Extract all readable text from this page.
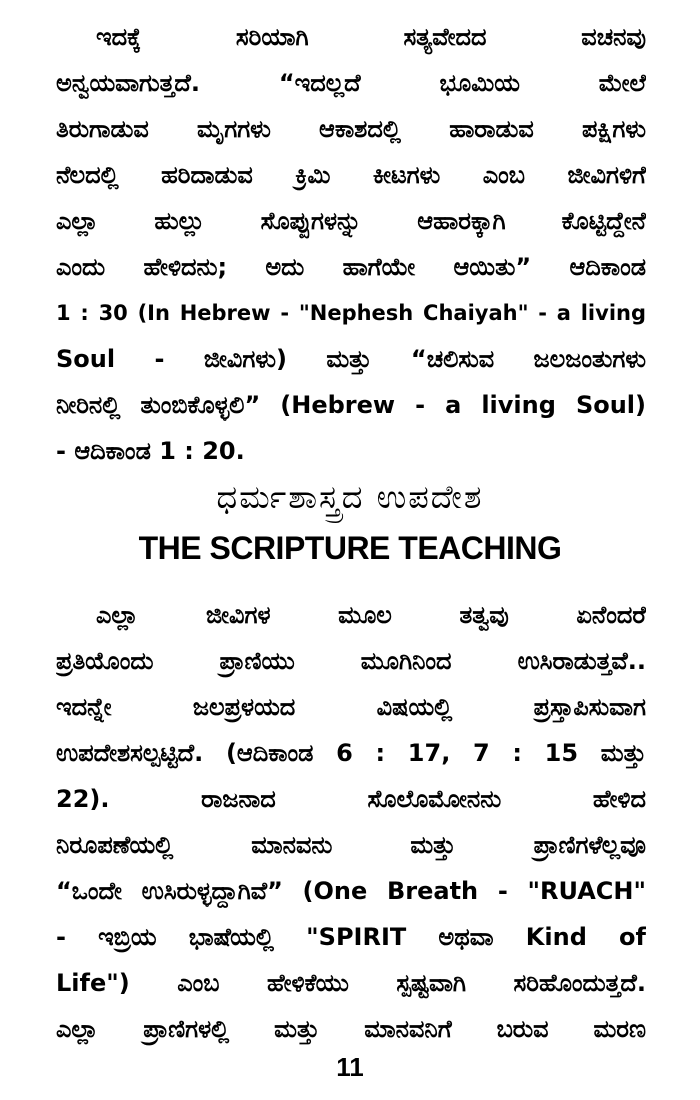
ಇದಕ್ಕೆ ಸರಿಯಾಗಿ ಸತ್ಯವೇದದ ವಚನವು
ಅನ್ವಯವಾಗುತ್ತದೆ. “ಇದಲ್ಲದೆ ಭೂಮಿಯ ಮೇಲೆ
ತಿರುಗಾಡುವ ಮೃಗಗಳು ಆಕಾಶದಲ್ಲಿ ಹಾರಾಡುವ ಪಕ್ಷಿಗಳು
ನೆಲದಲ್ಲಿ ಹರಿದಾಡುವ ಕ್ರಿಮಿ ಕೀಟಗಳು ಎಂಬ ಜೀವಿಗಳಿಗೆ
ಎಲ್ಲಾ ಹುಲ್ಲು ಸೊಪ್ಪುಗಳನ್ನು ಆಹಾರಕ್ಕಾಗಿ ಕೊಟ್ಟಿದ್ದೇನೆ
ಎಂದು ಹೇಳಿದನು; ಅದು ಹಾಗೆಯೇ ಆಯಿತು” ಆದಿಕಾಂಡ
1 : 30 (In Hebrew - "Nephesh Chaiyah" - a living
Soul - ಜೀವಿಗಳು) ಮತ್ತು “ಚಲಿಸುವ ಜಲಜಂತುಗಳು
ನೀರಿನಲ್ಲಿ ತುಂಬಿಕೊಳ್ಳಲಿ” (Hebrew - a living Soul)
- ಆದಿಕಾಂಡ 1 : 20.
ಧರ್ಮಶಾಸ್ತ್ರದ ಉಪದೇಶ
THE SCRIPTURE TEACHING
ಎಲ್ಲಾ ಜೀವಿಗಳ ಮೂಲ ತತ್ವವು ಏನೆಂದರೆ
ಪ್ರತಿಯೊಂದು ಪ್ರಾಣಿಯು ಮೂಗಿನಿಂದ ಉಸಿರಾಡುತ್ತವೆ..
ಇದನ್ನೇ ಜಲಪ್ರಳಯದ ವಿಷಯಲ್ಲಿ ಪ್ರಸ್ತಾಪಿಸುವಾಗ
ಉಪದೇಶಸಲ್ಪಟ್ಟಿದೆ. (ಆದಿಕಾಂಡ 6 : 17, 7 : 15 ಮತ್ತು
22). ರಾಜನಾದ ಸೊಲೊಮೋನನು ಹೇಳಿದ
ನಿರೂಪಣೆಯಲ್ಲಿ ಮಾನವನು ಮತ್ತು ಪ್ರಾಣಿಗಳೆಲ್ಲವೂ
“ಒಂದೇ ಉಸಿರುಳ್ಳದ್ದಾಗಿವೆ” (One Breath - "RUACH"
- ಇಬ್ರಿಯ ಭಾಷೆಯಲ್ಲಿ "SPIRIT ಅಥವಾ Kind of
Life") ಎಂಬ ಹೇಳಿಕೆಯು ಸ್ಪಷ್ಟವಾಗಿ ಸರಿಹೊಂದುತ್ತದೆ.
ಎಲ್ಲಾ ಪ್ರಾಣಿಗಳಲ್ಲಿ ಮತ್ತು ಮಾನವನಿಗೆ ಬರುವ ಮರಣ
11
